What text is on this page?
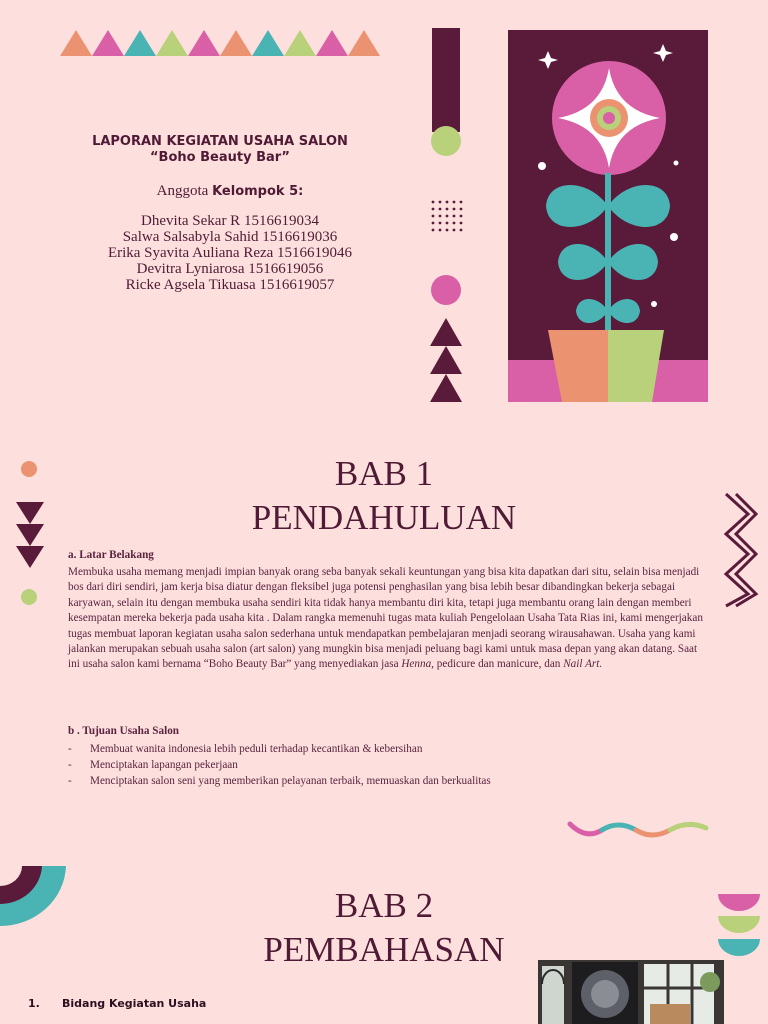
LAPORAN KEGIATAN USAHA SALON
“Boho Beauty Bar”
Anggota Kelompok 5:
Dhevita Sekar R 1516619034
Salwa Salsabyla Sahid 1516619036
Erika Syavita Auliana Reza 1516619046
Devitra Lyniarosa 1516619056
Ricke Agsela Tikuasa 1516619057
BAB 1
PENDAHULUAN
a. Latar Belakang
Membuka usaha memang menjadi impian banyak orang seba banyak sekali keuntungan yang bisa kita dapatkan dari situ, selain bisa menjadi bos dari diri sendiri, jam kerja bisa diatur dengan fleksibel juga potensi penghasilan yang bisa lebih besar dibandingkan bekerja sebagai karyawan, selain itu dengan membuka usaha sendiri kita tidak hanya membantu diri kita, tetapi juga membantu orang lain dengan memberi kesempatan mereka bekerja pada usaha kita . Dalam rangka memenuhi tugas mata kuliah Pengelolaan Usaha Tata Rias ini, kami mengerjakan tugas membuat laporan kegiatan usaha salon sederhana untuk mendapatkan pembelajaran menjadi seorang wirausahawan. Usaha yang kami jalankan merupakan sebuah usaha salon (art salon) yang mungkin bisa menjadi peluang bagi kami untuk masa depan yang akan datang. Saat ini usaha salon kami bernama “Boho Beauty Bar” yang menyediakan jasa Henna, pedicure dan manicure, dan Nail Art.
b . Tujuan Usaha Salon
- Membuat wanita indonesia lebih peduli terhadap kecantikan & kebersihan
- Menciptakan lapangan pekerjaan
- Menciptakan salon seni yang memberikan pelayanan terbaik, memuaskan dan berkualitas
BAB 2
PEMBAHASAN
1. Bidang Kegiatan Usaha
